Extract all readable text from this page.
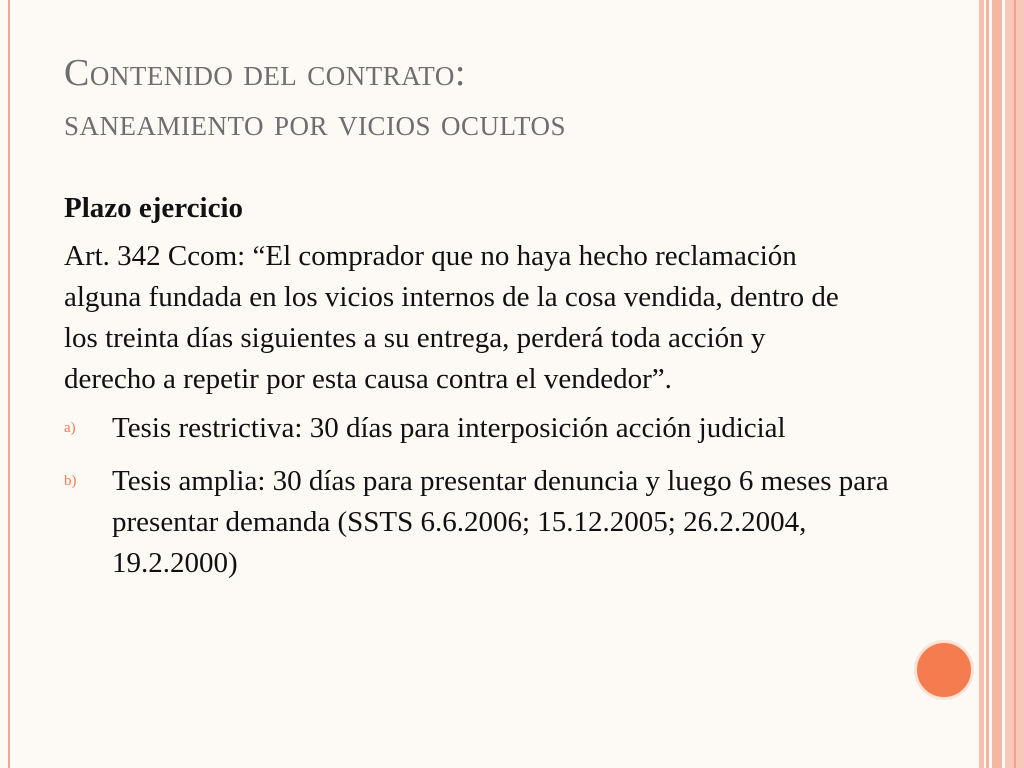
Contenido del contrato:
saneamiento por vicios ocultos
Plazo ejercicio

Art. 342 Ccom: “El comprador que no haya hecho reclamación alguna fundada en los vicios internos de la cosa vendida, dentro de los treinta días siguientes a su entrega, perderá toda acción y derecho a repetir por esta causa contra el vendedor”.

a) Tesis restrictiva: 30 días para interposición acción judicial
b) Tesis amplia: 30 días para presentar denuncia y luego 6 meses para presentar demanda (SSTS 6.6.2006; 15.12.2005; 26.2.2004, 19.2.2000)
